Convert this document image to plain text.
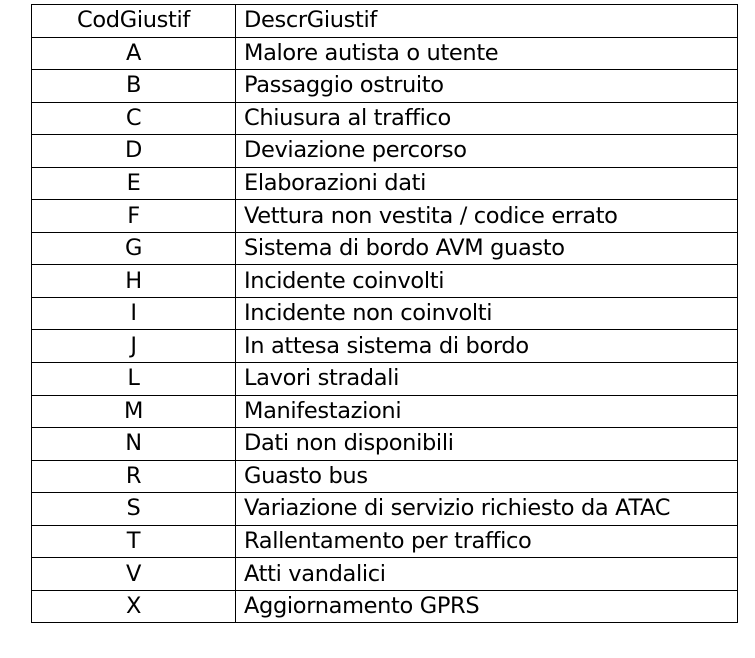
CodGiustif	DescrGiustif
A	Malore autista o utente
B	Passaggio ostruito
C	Chiusura al traffico
D	Deviazione percorso
E	Elaborazioni dati
F	Vettura non vestita / codice errato
G	Sistema di bordo AVM guasto
H	Incidente coinvolti
I	Incidente non coinvolti
J	In attesa sistema di bordo
L	Lavori stradali
M	Manifestazioni
N	Dati non disponibili
R	Guasto bus
S	Variazione di servizio richiesto da ATAC
T	Rallentamento per traffico
V	Atti vandalici
X	Aggiornamento GPRS
